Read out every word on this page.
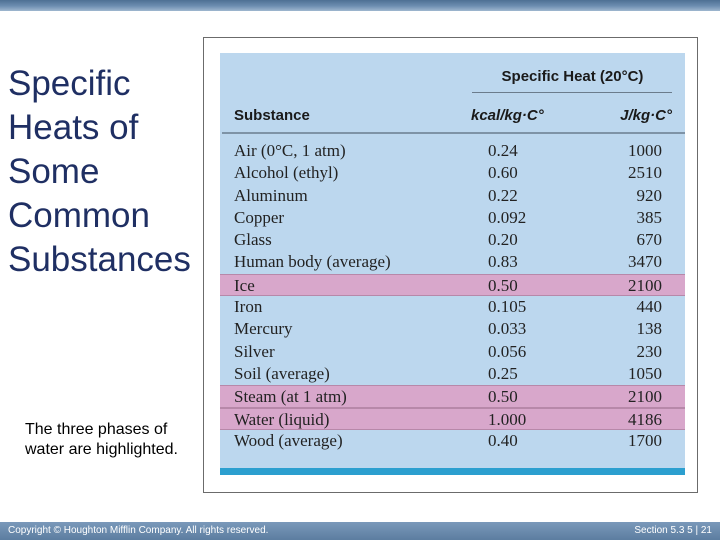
Specific
Heats of
Some
Common
Substances
The three phases of water are highlighted.
Specific Heat (20°C)
Substance	kcal/kg·C°	J/kg·C°
Air (0°C, 1 atm)	0.24	1000
Alcohol (ethyl)	0.60	2510
Aluminum	0.22	920
Copper	0.092	385
Glass	0.20	670
Human body (average)	0.83	3470
Ice	0.50	2100
Iron	0.105	440
Mercury	0.033	138
Silver	0.056	230
Soil (average)	0.25	1050
Steam (at 1 atm)	0.50	2100
Water (liquid)	1.000	4186
Wood (average)	0.40	1700
Copyright © Houghton Mifflin Company. All rights reserved.	Section 5.3 5 | 21
